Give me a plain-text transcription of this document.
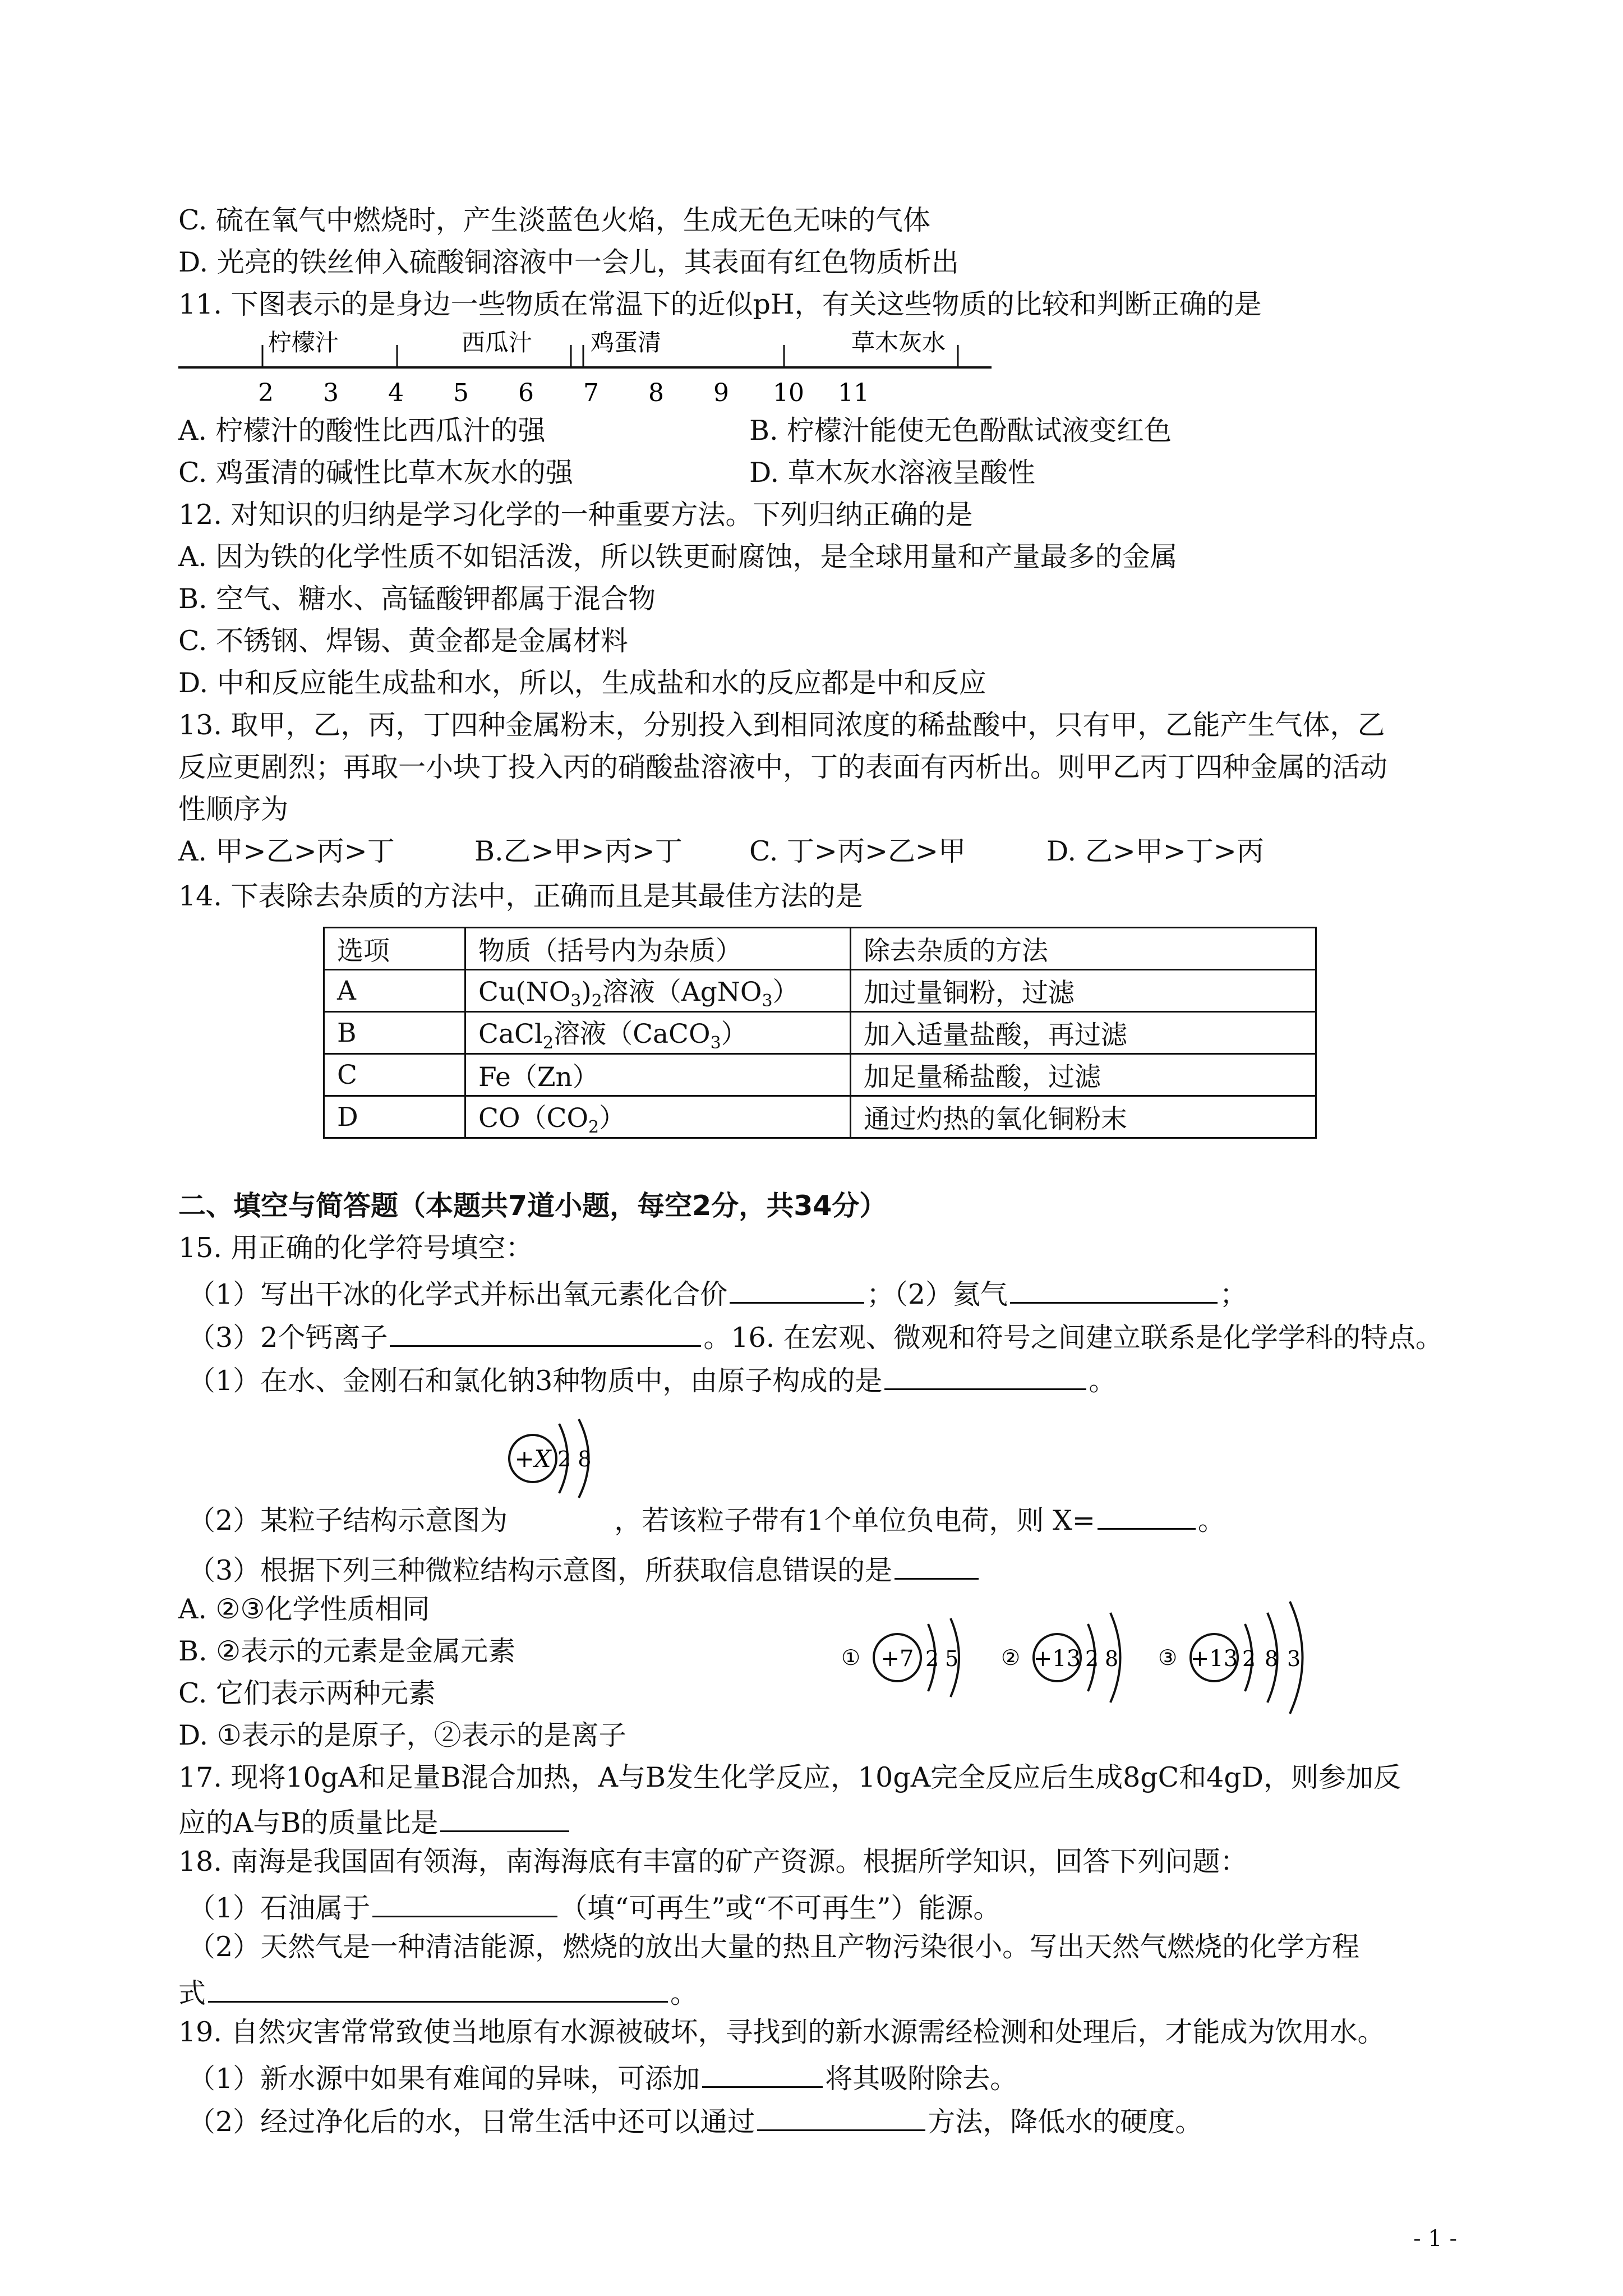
C. 硫在氧气中燃烧时，产生淡蓝色火焰，生成无色无味的气体
D. 光亮的铁丝伸入硫酸铜溶液中一会儿，其表面有红色物质析出
11. 下图表示的是身边一些物质在常温下的近似pH，有关这些物质的比较和判断正确的是
柠檬汁	西瓜汁 鸡蛋清	草木灰水
2 3 4 5 6 7 8 9 10 11
A. 柠檬汁的酸性比西瓜汁的强	B. 柠檬汁能使无色酚酞试液变红色
C. 鸡蛋清的碱性比草木灰水的强	D. 草木灰水溶液呈酸性
12. 对知识的归纳是学习化学的一种重要方法。下列归纳正确的是
A. 因为铁的化学性质不如铝活泼，所以铁更耐腐蚀，是全球用量和产量最多的金属
B. 空气、糖水、高锰酸钾都属于混合物
C. 不锈钢、焊锡、黄金都是金属材料
D. 中和反应能生成盐和水，所以，生成盐和水的反应都是中和反应
13. 取甲，乙，丙，丁四种金属粉末，分别投入到相同浓度的稀盐酸中，只有甲，乙能产生气体，乙
反应更剧烈；再取一小块丁投入丙的硝酸盐溶液中，丁的表面有丙析出。则甲乙丙丁四种金属的活动
性顺序为
A. 甲>乙>丙>丁	B.乙>甲>丙>丁 C. 丁>丙>乙>甲	D. 乙>甲>丁>丙
14. 下表除去杂质的方法中，正确而且是其最佳方法的是
选项	物质（括号内为杂质）	除去杂质的方法
A	$Cu(NO_3)_2$溶液（AgNO$_3$）	加过量铜粉，过滤
B	CaCl$_2$溶液（CaCO$_3$）	加入适量盐酸，再过滤
C	Fe（Zn）	加足量稀盐酸，过滤
D	$CO(CO_2)$	通过灼热的氧化铜粉末
二、填空与简答题（本题共7道小题，每空2分，共34分）
15. 用正确的化学符号填空：
（1）写出干冰的化学式并标出氧元素化合价	；（2）氦气	；
（3）2个钙离子	。16. 在宏观、微观和符号之间建立联系是化学学科的特点。
（1）在水、金刚石和氯化钠3种物质中，由原子构成的是	。
（2）某粒子结构示意图为	，若该粒子带有1个单位负电荷，则 X=	。
+X 2 8
（3）根据下列三种微粒结构示意图，所获取信息错误的是
A. ②③化学性质相同
B. ②表示的元素是金属元素
C. 它们表示两种元素
D. ①表示的是原子，②表示的是离子
① +7 2 5 ② +13 2 8 ③ +13 2 8 3
17. 现将10gA和足量B混合加热，A与B发生化学反应，10gA完全反应后生成8gC和4gD，则参加反
应的A与B的质量比是
18. 南海是我国固有领海，南海海底有丰富的矿产资源。根据所学知识，回答下列问题：
（1）石油属于	（填“可再生”或“不可再生”）能源。
（2）天然气是一种清洁能源，燃烧的放出大量的热且产物污染很小。写出天然气燃烧的化学方程
式	。
19. 自然灾害常常致使当地原有水源被破坏，寻找到的新水源需经检测和处理后，才能成为饮用水。
（1）新水源中如果有难闻的异味，可添加	将其吸附除去。
（2）经过净化后的水，日常生活中还可以通过	方法，降低水的硬度。
- 1 -
